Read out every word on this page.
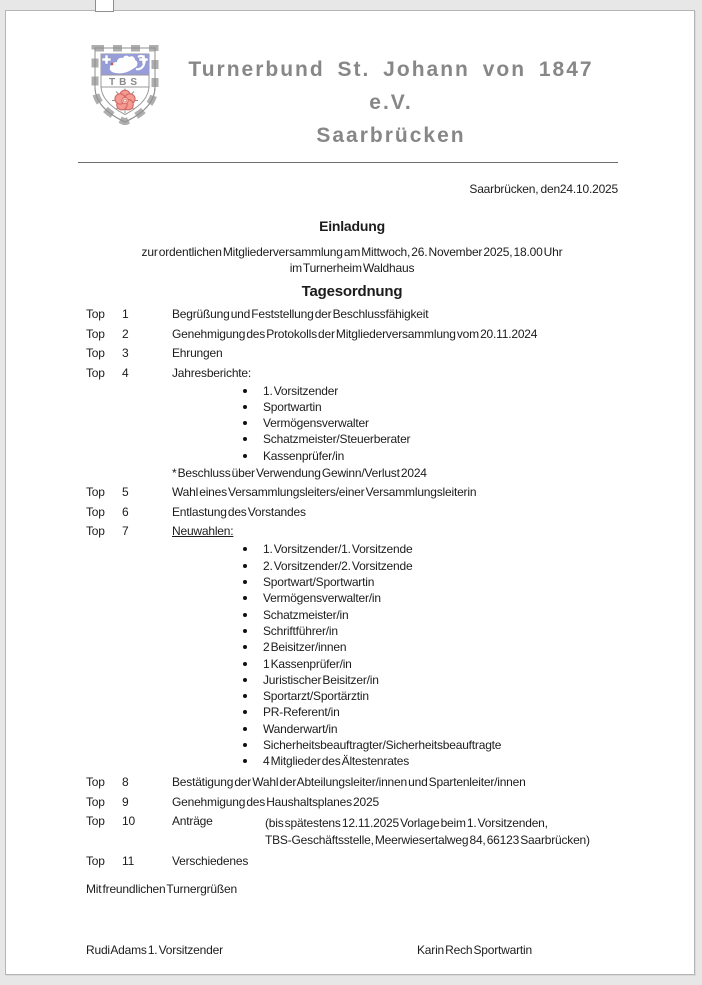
TBS
Turnerbund St. Johann von 1847 e.V.
Saarbrücken
Saarbrücken, den24.10.2025
Einladung
zur ordentlichen Mitgliederversammlung am Mittwoch, 26. November 2025, 18.00 Uhr
im Turnerheim Waldhaus
Tagesordnung
Top	1	Begrüßung und Feststellung der Beschlussfähigkeit
Top	2	Genehmigung des Protokolls der Mitgliederversammlung vom 20.11.2024
Top	3	Ehrungen
Top	4	Jahresberichte:
1. Vorsitzender
Sportwartin
Vermögensverwalter
Schatzmeister/Steuerberater
Kassenprüfer/in
* Beschluss über Verwendung Gewinn/Verlust 2024
Top	5	Wahl eines Versammlungsleiters/einer Versammlungsleiterin
Top	6	Entlastung des Vorstandes
Top	7	Neuwahlen:
1. Vorsitzender/1. Vorsitzende
2. Vorsitzender/2. Vorsitzende
Sportwart/Sportwartin
Vermögensverwalter/in
Schatzmeister/in
Schriftführer/in
2 Beisitzer/innen
1 Kassenprüfer/in
Juristischer Beisitzer/in
Sportarzt/Sportärztin
PR-Referent/in
Wanderwart/in
Sicherheitsbeauftragter/Sicherheitsbeauftragte
4 Mitglieder des Ältestenrates
Top	8	Bestätigung der Wahl der Abteilungsleiter/innen und Spartenleiter/innen
Top	9	Genehmigung des Haushaltsplanes 2025
Top	10	Anträge	(bis spätestens 12.11.2025 Vorlage beim 1. Vorsitzenden,
TBS-Geschäftsstelle, Meerwiesertalweg 84, 66123 Saarbrücken)
Top	11	Verschiedenes
Mit freundlichen Turnergrüßen
Rudi Adams 1. Vorsitzender	Karin Rech Sportwartin
